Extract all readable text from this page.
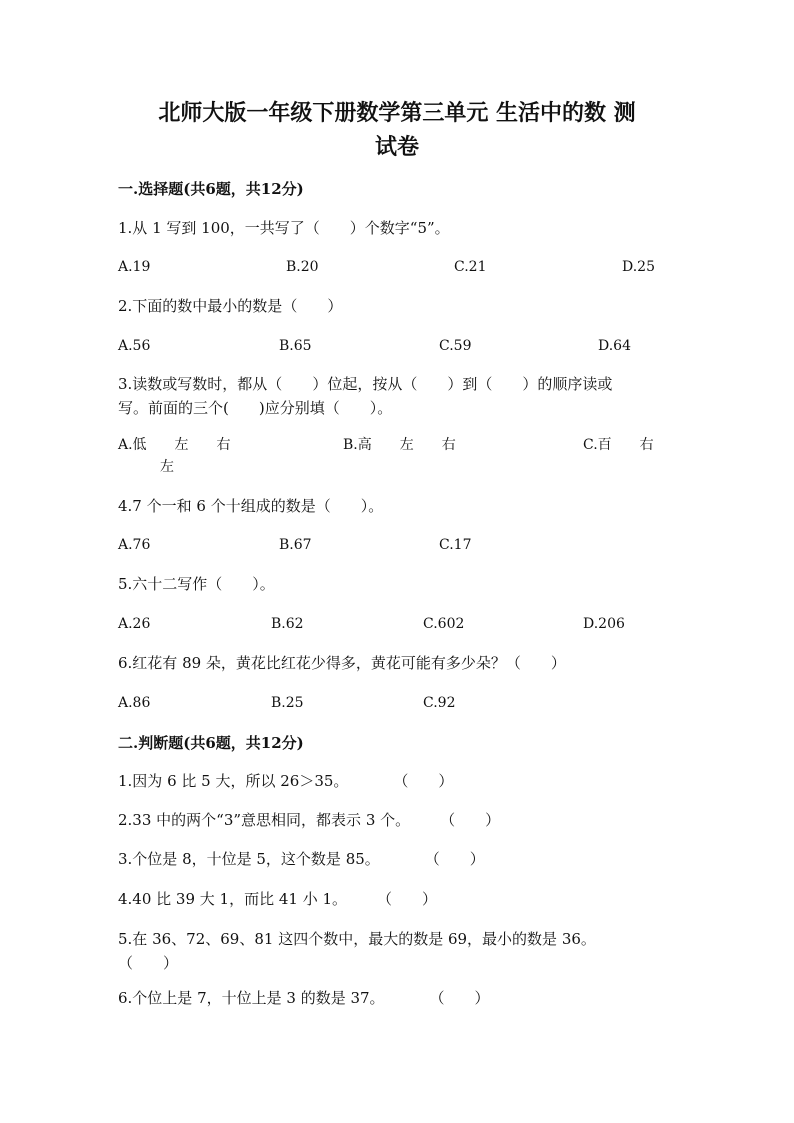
北师大版一年级下册数学第三单元 生活中的数 测
试卷
一.选择题(共6题，共12分)
1.从 1 写到 100，一共写了（　　）个数字“5”。
A.19	B.20	C.21	D.25
2.下面的数中最小的数是（　　）
A.56	B.65	C.59	D.64
3.读数或写数时，都从（　　）位起，按从（　　）到（　　）的顺序读或
写。前面的三个(　　)应分别填（　　）。
A.低　　左　　右	B.高　　左　　右	C.百　　右
左
4.7 个一和 6 个十组成的数是（　　）。
A.76	B.67	C.17
5.六十二写作（　　）。
A.26	B.62	C.602	D.206
6.红花有 89 朵，黄花比红花少得多，黄花可能有多少朵？（　　）
A.86	B.25	C.92
二.判断题(共6题，共12分)
1.因为 6 比 5 大，所以 26＞35。　　　　（　　）
2.33 中的两个“3”意思相同，都表示 3 个。　　　（　　）
3.个位是 8，十位是 5，这个数是 85。　　　　（　　）
4.40 比 39 大 1，而比 41 小 1。　　　（　　）
5.在 36、72、69、81 这四个数中，最大的数是 69，最小的数是 36。
（　　）
6.个位上是 7，十位上是 3 的数是 37。　　　　（　　）
